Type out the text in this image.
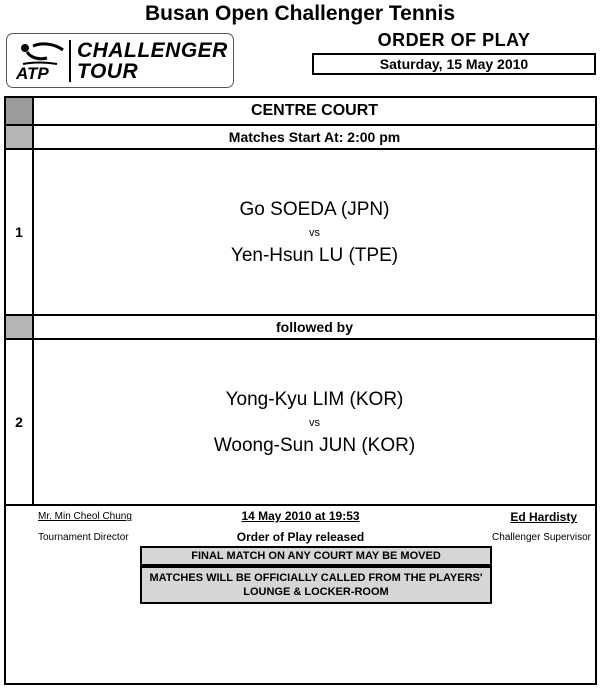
Busan Open Challenger Tennis
ATP
CHALLENGER
TOUR
ORDER OF PLAY
Saturday, 15 May 2010
CENTRE COURT
Matches Start At: 2:00 pm
1
Go SOEDA (JPN)
vs
Yen-Hsun LU (TPE)
followed by
2
Yong-Kyu LIM (KOR)
vs
Woong-Sun JUN (KOR)
Mr. Min Cheol Chung
Tournament Director
14 May 2010 at 19:53
Order of Play released
Ed Hardisty
Challenger Supervisor
FINAL MATCH ON ANY COURT MAY BE MOVED
MATCHES WILL BE OFFICIALLY CALLED FROM THE PLAYERS'
LOUNGE & LOCKER-ROOM
